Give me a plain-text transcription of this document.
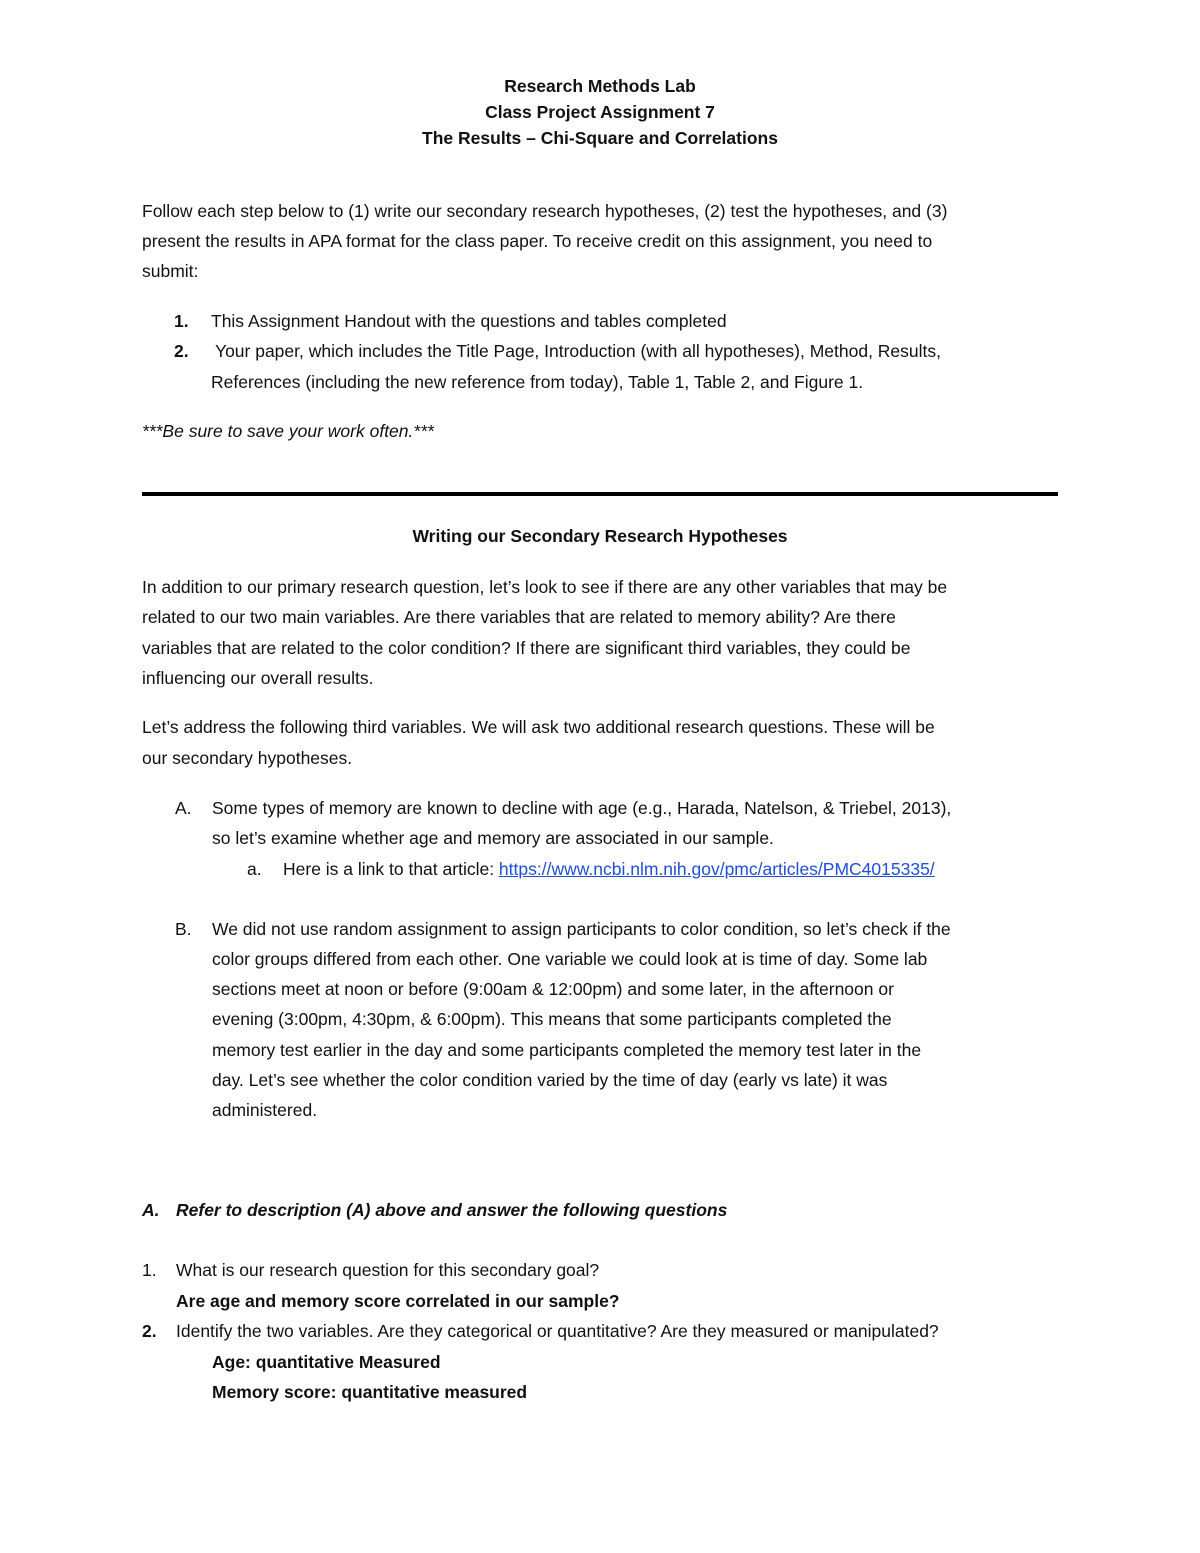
Research Methods Lab
Class Project Assignment 7
The Results – Chi-Square and Correlations
Follow each step below to (1) write our secondary research hypotheses, (2) test the hypotheses, and (3)
present the results in APA format for the class paper. To receive credit on this assignment, you need to
submit:
1. This Assignment Handout with the questions and tables completed
2. Your paper, which includes the Title Page, Introduction (with all hypotheses), Method, Results,
References (including the new reference from today), Table 1, Table 2, and Figure 1.
***Be sure to save your work often.***
Writing our Secondary Research Hypotheses
In addition to our primary research question, let’s look to see if there are any other variables that may be
related to our two main variables. Are there variables that are related to memory ability? Are there
variables that are related to the color condition? If there are significant third variables, they could be
influencing our overall results.
Let’s address the following third variables. We will ask two additional research questions. These will be
our secondary hypotheses.
A. Some types of memory are known to decline with age (e.g., Harada, Natelson, & Triebel, 2013),
so let’s examine whether age and memory are associated in our sample.
a. Here is a link to that article: https://www.ncbi.nlm.nih.gov/pmc/articles/PMC4015335/
B. We did not use random assignment to assign participants to color condition, so let’s check if the
color groups differed from each other. One variable we could look at is time of day. Some lab
sections meet at noon or before (9:00am & 12:00pm) and some later, in the afternoon or
evening (3:00pm, 4:30pm, & 6:00pm). This means that some participants completed the
memory test earlier in the day and some participants completed the memory test later in the
day. Let’s see whether the color condition varied by the time of day (early vs late) it was
administered.
A. Refer to description (A) above and answer the following questions
1. What is our research question for this secondary goal?
Are age and memory score correlated in our sample?
2. Identify the two variables. Are they categorical or quantitative? Are they measured or manipulated?
Age: quantitative Measured
Memory score: quantitative measured
